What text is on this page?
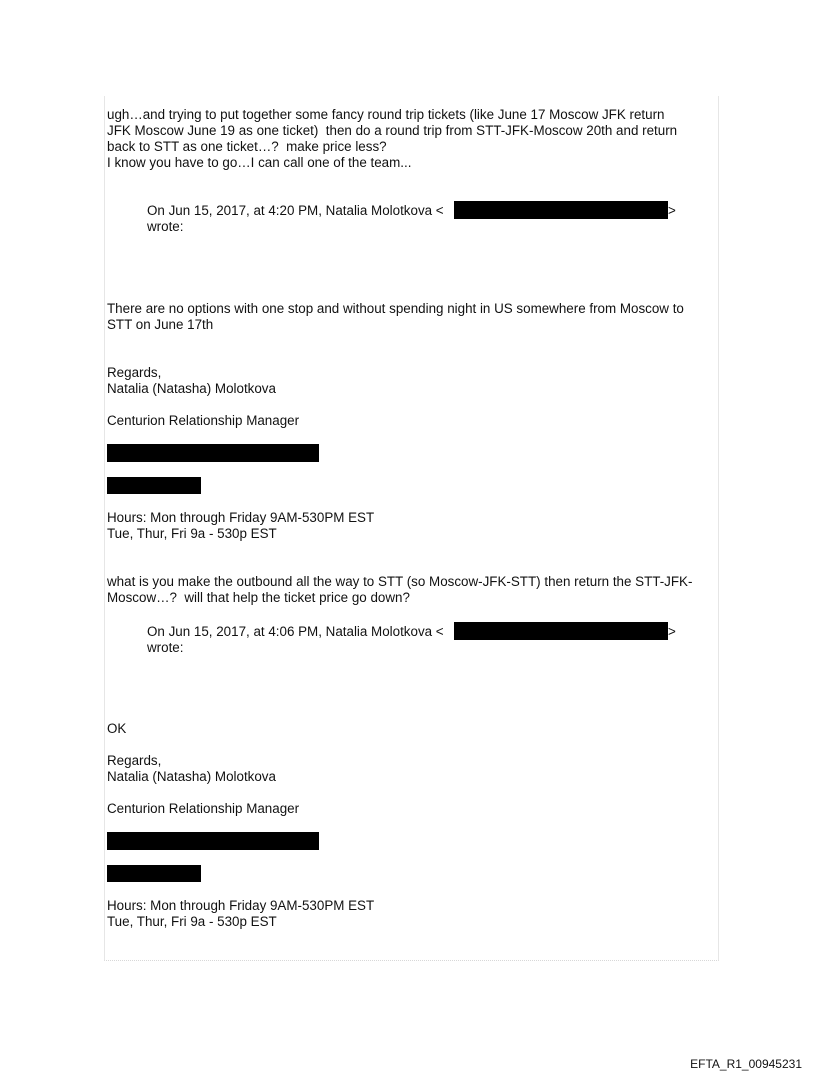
ugh…and trying to put together some fancy round trip tickets (like June 17 Moscow JFK return

JFK Moscow June 19 as one ticket)  then do a round trip from STT-JFK-Moscow 20th and return

back to STT as one ticket…?  make price less?

I know you have to go…I can call one of the team...

On Jun 15, 2017, at 4:20 PM, Natalia Molotkova <	>

wrote:

There are no options with one stop and without spending night in US somewhere from Moscow to

STT on June 17th

Regards,

Natalia (Natasha) Molotkova

Centurion Relationship Manager

Hours: Mon through Friday 9AM-530PM EST

Tue, Thur, Fri 9a - 530p EST

what is you make the outbound all the way to STT (so Moscow-JFK-STT) then return the STT-JFK-

Moscow…?  will that help the ticket price go down?

On Jun 15, 2017, at 4:06 PM, Natalia Molotkova <	>

wrote:

OK

Regards,

Natalia (Natasha) Molotkova

Centurion Relationship Manager

Hours: Mon through Friday 9AM-530PM EST

Tue, Thur, Fri 9a - 530p EST

EFTA_R1_00945231
